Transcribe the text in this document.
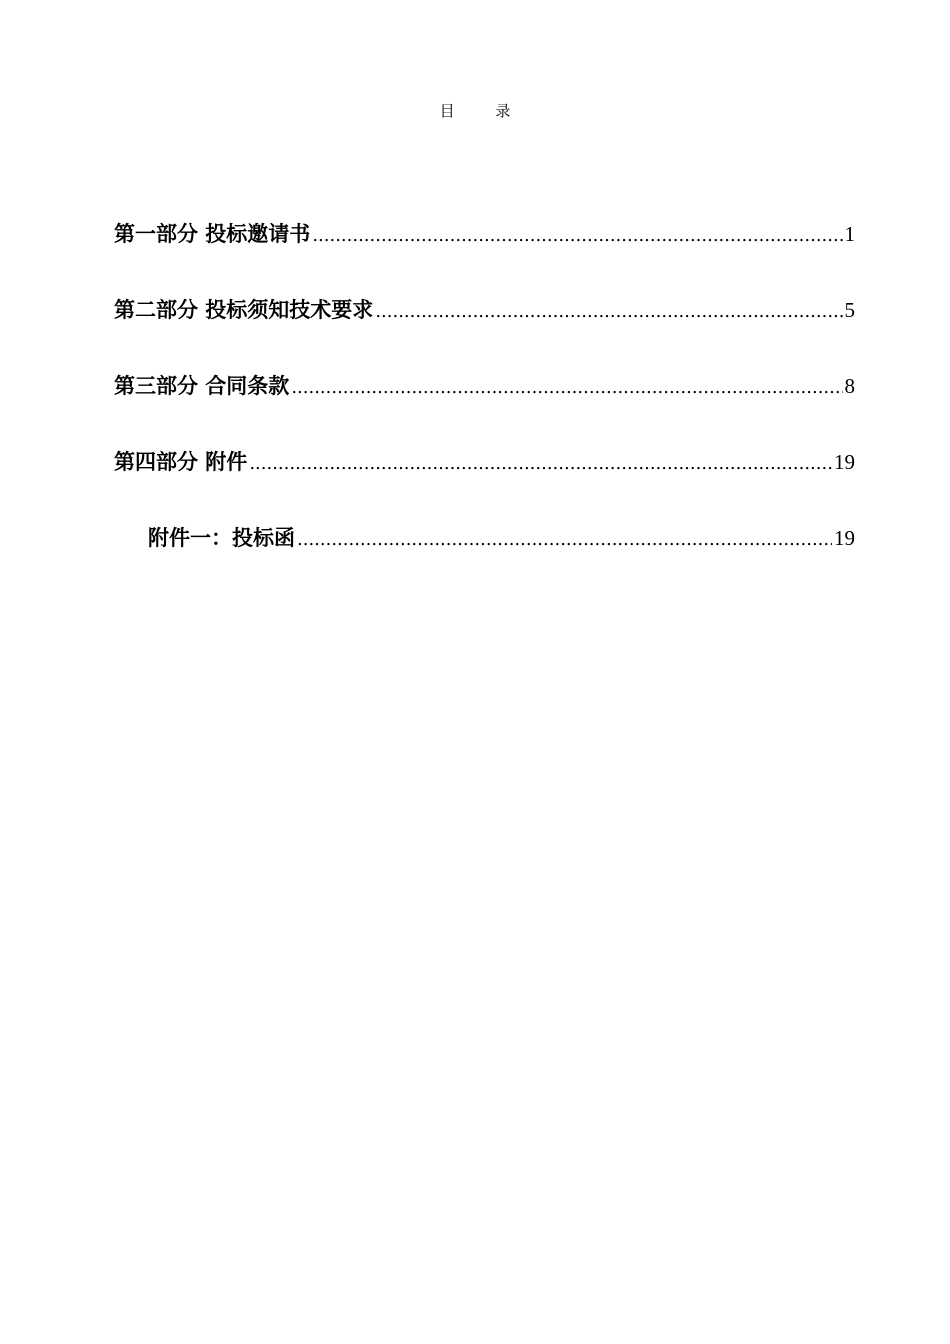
目 录
第一部分 投标邀请书 .....	1
第二部分 投标须知技术要求 .....	5
第三部分 合同条款 .....	8
第四部分 附件 .....	19
附件一：投标函 .....	19
